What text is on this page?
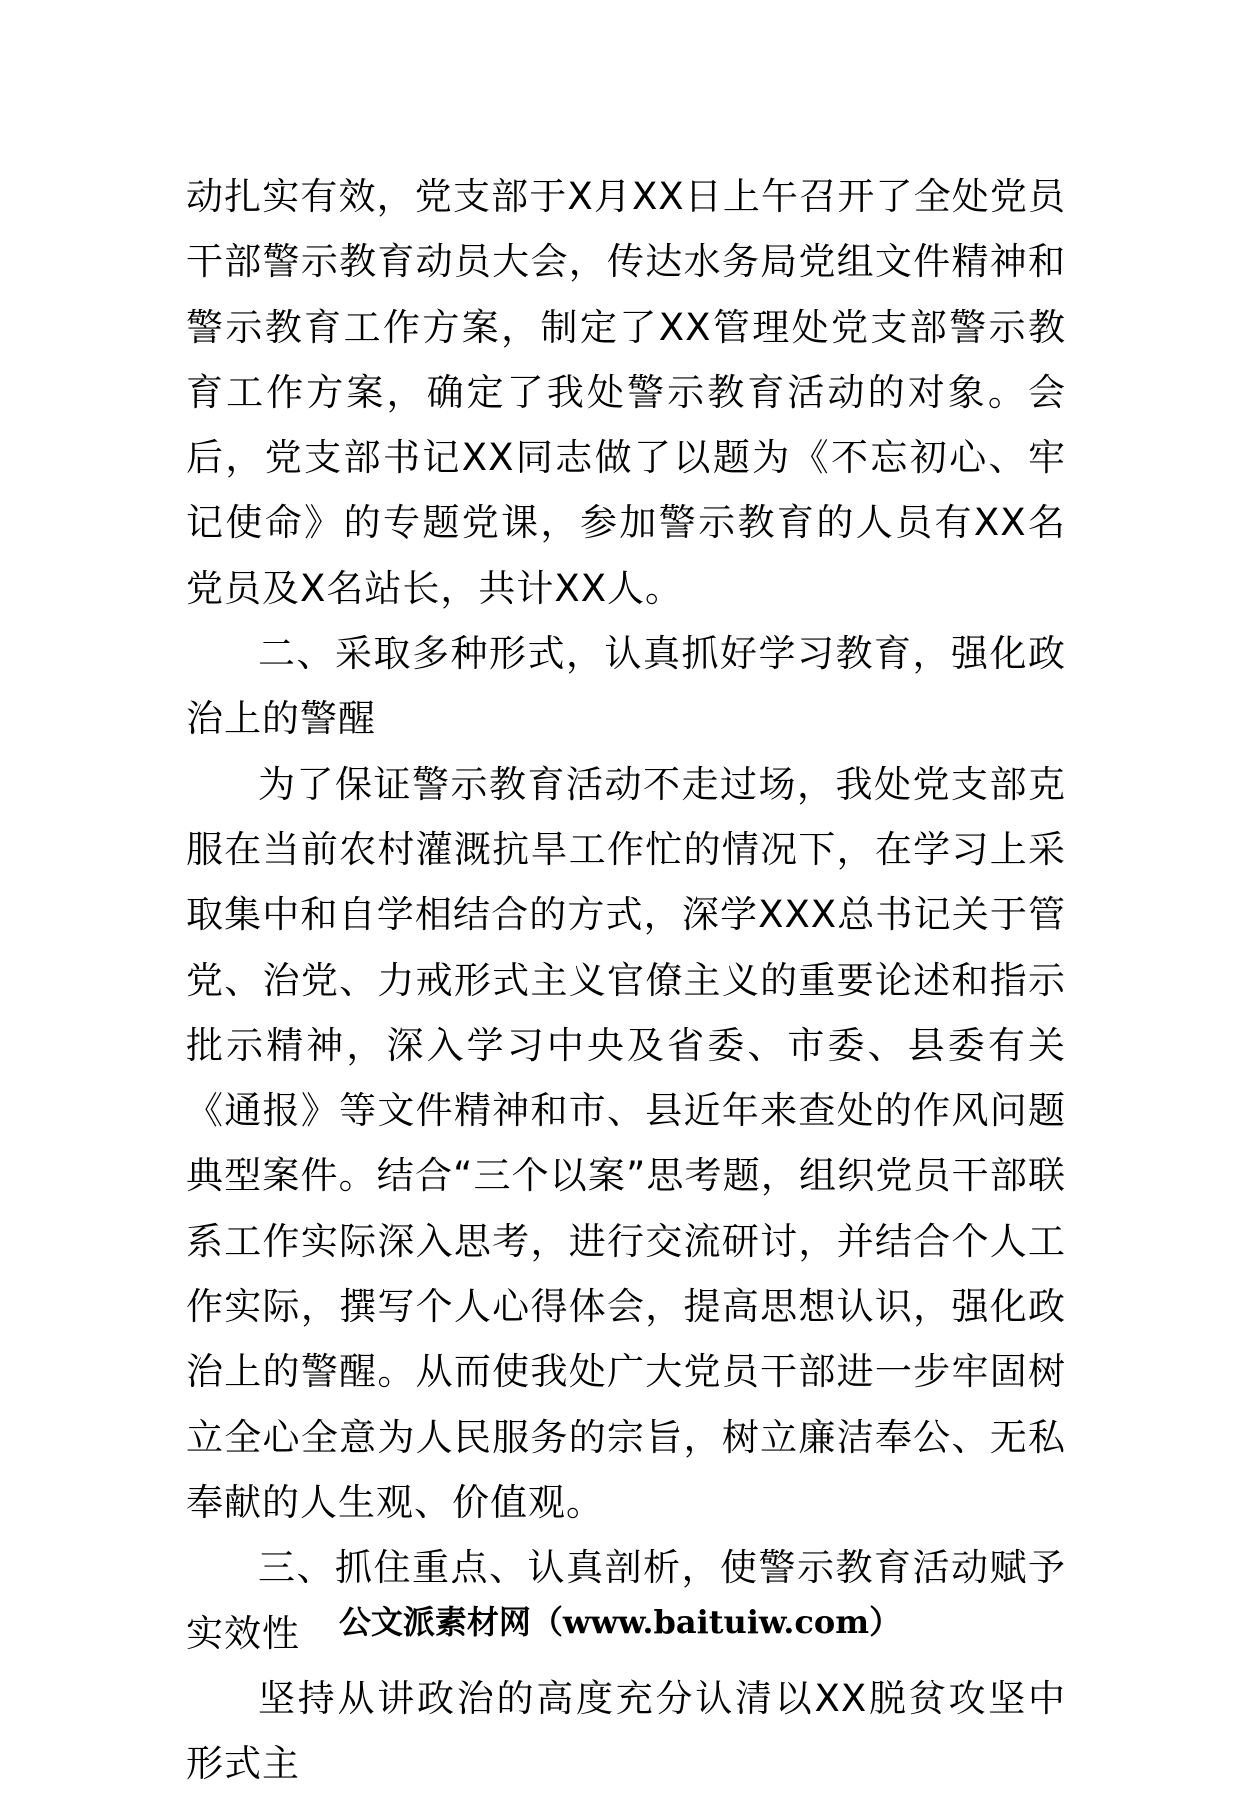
动扎实有效，党支部于X月XX日上午召开了全处党员干部警示教育动员大会，传达水务局党组文件精神和警示教育工作方案，制定了XX管理处党支部警示教育工作方案，确定了我处警示教育活动的对象。会后，党支部书记XX同志做了以题为《不忘初心、牢记使命》的专题党课，参加警示教育的人员有XX名党员及X名站长，共计XX人。

二、采取多种形式，认真抓好学习教育，强化政治上的警醒

为了保证警示教育活动不走过场，我处党支部克服在当前农村灌溉抗旱工作忙的情况下，在学习上采取集中和自学相结合的方式，深学XXX总书记关于管党、治党、力戒形式主义官僚主义的重要论述和指示批示精神，深入学习中央及省委、市委、县委有关《通报》等文件精神和市、县近年来查处的作风问题典型案件。结合“三个以案”思考题，组织党员干部联系工作实际深入思考，进行交流研讨，并结合个人工作实际，撰写个人心得体会，提高思想认识，强化政治上的警醒。从而使我处广大党员干部进一步牢固树立全心全意为人民服务的宗旨，树立廉洁奉公、无私奉献的人生观、价值观。

三、抓住重点、认真剖析，使警示教育活动赋予实效性

坚持从讲政治的高度充分认清以XX脱贫攻坚中形式主

公文派素材网（www.baituiw.com）
